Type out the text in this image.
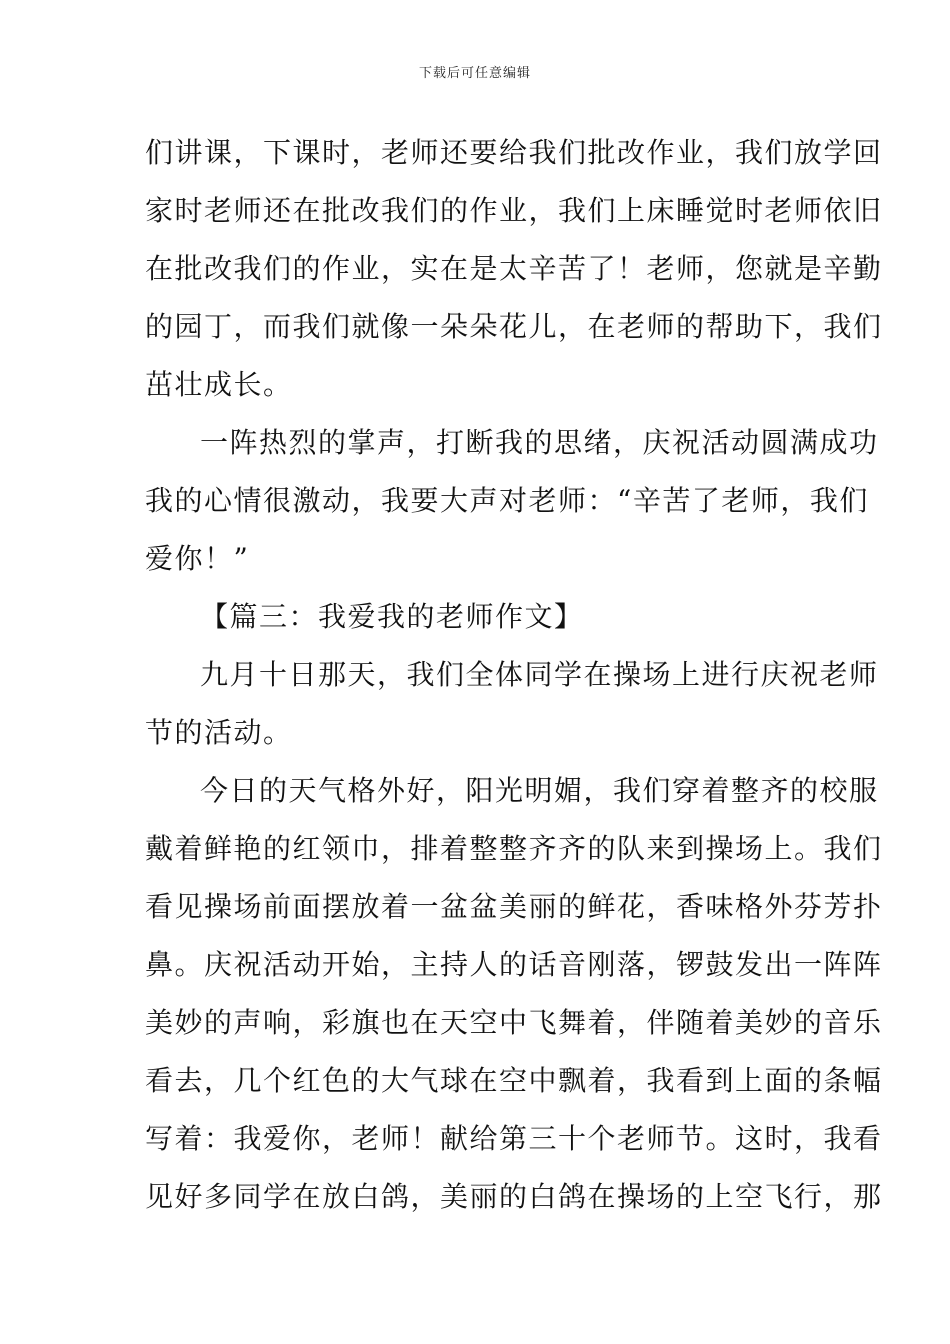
下载后可任意编辑
们讲课，下课时，老师还要给我们批改作业，我们放学回
家时老师还在批改我们的作业，我们上床睡觉时老师依旧
在批改我们的作业，实在是太辛苦了！老师，您就是辛勤
的园丁，而我们就像一朵朵花儿，在老师的帮助下，我们
茁壮成长。
一阵热烈的掌声，打断我的思绪，庆祝活动圆满成功
我的心情很激动，我要大声对老师：“辛苦了老师，我们
爱你！”
【篇三：我爱我的老师作文】
九月十日那天，我们全体同学在操场上进行庆祝老师
节的活动。
今日的天气格外好，阳光明媚，我们穿着整齐的校服
戴着鲜艳的红领巾，排着整整齐齐的队来到操场上。我们
看见操场前面摆放着一盆盆美丽的鲜花，香味格外芬芳扑
鼻。庆祝活动开始，主持人的话音刚落，锣鼓发出一阵阵
美妙的声响，彩旗也在天空中飞舞着，伴随着美妙的音乐
看去，几个红色的大气球在空中飘着，我看到上面的条幅
写着：我爱你，老师！献给第三十个老师节。这时，我看
见好多同学在放白鸽，美丽的白鸽在操场的上空飞行，那
